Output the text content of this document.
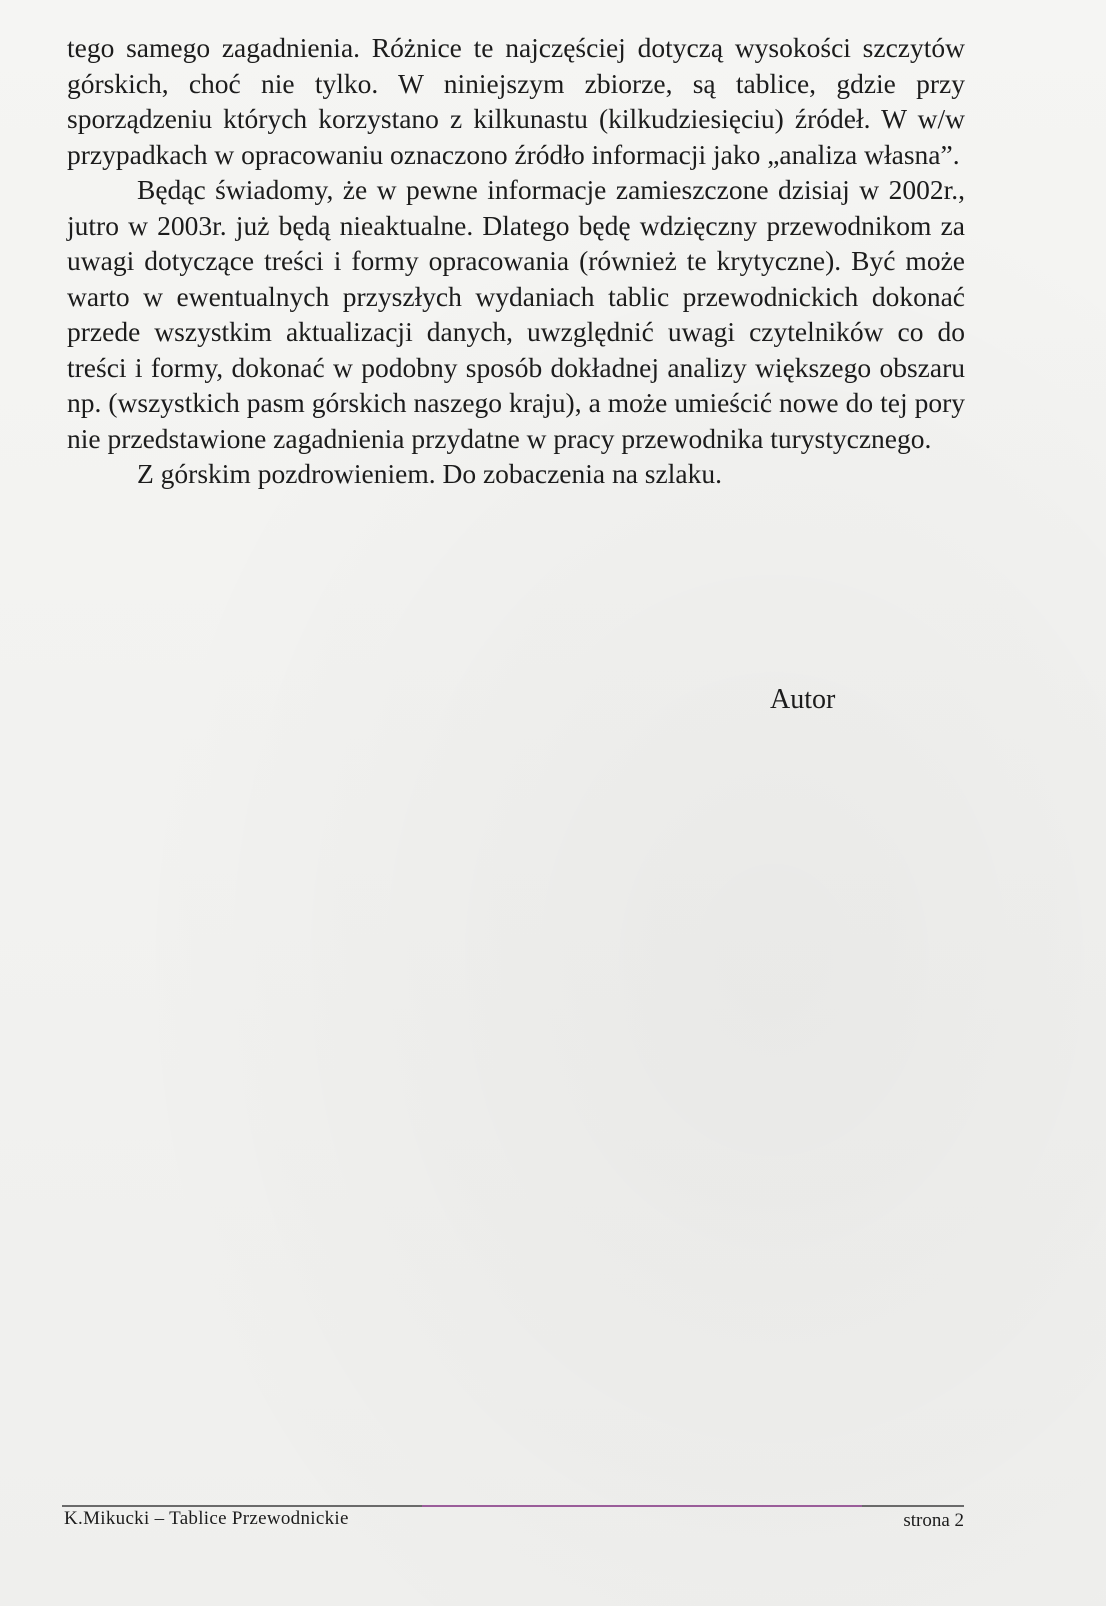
tego samego zagadnienia. Różnice te najczęściej dotyczą wysokości szczytów górskich, choć nie tylko. W niniejszym zbiorze, są tablice, gdzie przy sporządzeniu których korzystano z kilkunastu (kilkudziesięciu) źródeł. W w/w przypadkach w opracowaniu oznaczono źródło informacji jako „analiza własna”.

Będąc świadomy, że w pewne informacje zamieszczone dzisiaj w 2002r., jutro w 2003r. już będą nieaktualne. Dlatego będę wdzięczny przewodnikom za uwagi dotyczące treści i formy opracowania (również te krytyczne). Być może warto w ewentualnych przyszłych wydaniach tablic przewodnickich dokonać przede wszystkim aktualizacji danych, uwzględnić uwagi czytelników co do treści i formy, dokonać w podobny sposób dokładnej analizy większego obszaru np. (wszystkich pasm górskich naszego kraju), a może umieścić nowe do tej pory nie przedstawione zagadnienia przydatne w pracy przewodnika turystycznego.

Z górskim pozdrowieniem. Do zobaczenia na szlaku.

Autor
K.Mikucki – Tablice Przewodnickie	strona 2
